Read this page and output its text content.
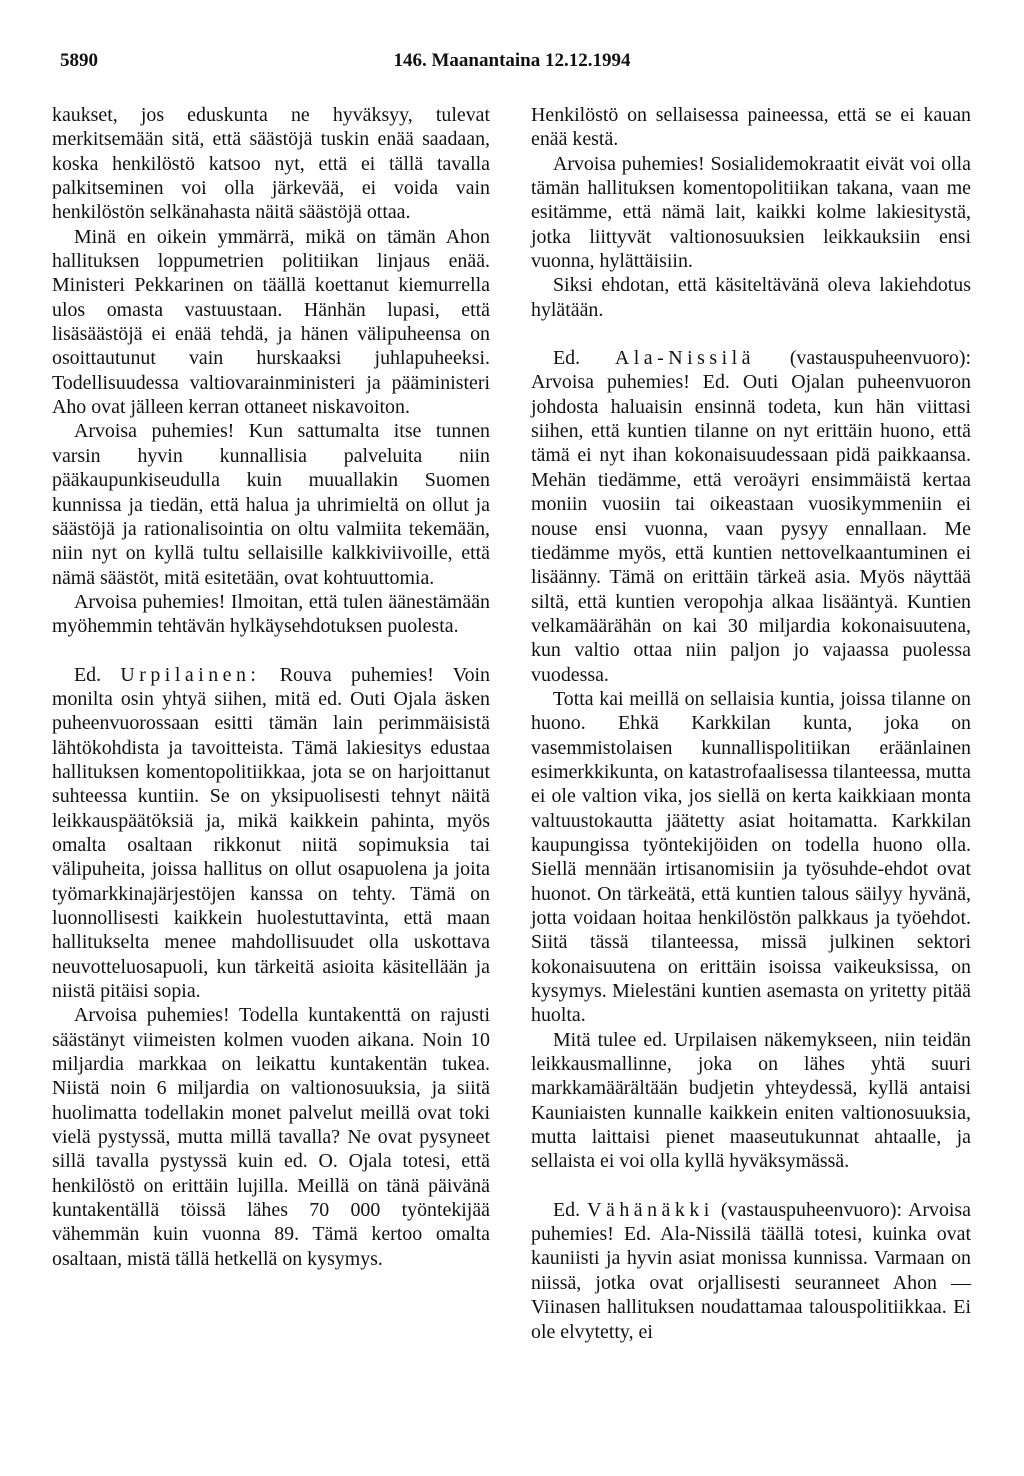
5890	146. Maanantaina 12.12.1994

kaukset, jos eduskunta ne hyväksyy, tulevat merkitsemään sitä, että säästöjä tuskin enää saadaan, koska henkilöstö katsoo nyt, että ei tällä tavalla palkitseminen voi olla järkevää, ei voida vain henkilöstön selkänahasta näitä säästöjä ottaa.

Minä en oikein ymmärrä, mikä on tämän Ahon hallituksen loppumetrien politiikan linjaus enää. Ministeri Pekkarinen on täällä koettanut kiemurrella ulos omasta vastuustaan. Hänhän lupasi, että lisäsäästöjä ei enää tehdä, ja hänen välipuheensa on osoittautunut vain hurskaaksi juhlapuheeksi. Todellisuudessa valtiovarainministeri ja pääministeri Aho ovat jälleen kerran ottaneet niskavoiton.

Arvoisa puhemies! Kun sattumalta itse tunnen varsin hyvin kunnallisia palveluita niin pääkaupunkiseudulla kuin muuallakin Suomen kunnissa ja tiedän, että halua ja uhrimieltä on ollut ja säästöjä ja rationalisointia on oltu valmiita tekemään, niin nyt on kyllä tultu sellaisille kalkkiviivoille, että nämä säästöt, mitä esitetään, ovat kohtuuttomia.

Arvoisa puhemies! Ilmoitan, että tulen äänestämään myöhemmin tehtävän hylkäysehdotuksen puolesta.

Ed. Urpilainen: Rouva puhemies! Voin monilta osin yhtyä siihen, mitä ed. Outi Ojala äsken puheenvuorossaan esitti tämän lain perimmäisistä lähtökohdista ja tavoitteista. Tämä lakiesitys edustaa hallituksen komentopolitiikkaa, jota se on harjoittanut suhteessa kuntiin. Se on yksipuolisesti tehnyt näitä leikkauspäätöksiä ja, mikä kaikkein pahinta, myös omalta osaltaan rikkonut niitä sopimuksia tai välipuheita, joissa hallitus on ollut osapuolena ja joita työmarkkinajärjestöjen kanssa on tehty. Tämä on luonnollisesti kaikkein huolestuttavinta, että maan hallitukselta menee mahdollisuudet olla uskottava neuvotteluosapuoli, kun tärkeitä asioita käsitellään ja niistä pitäisi sopia.

Arvoisa puhemies! Todella kuntakenttä on rajusti säästänyt viimeisten kolmen vuoden aikana. Noin 10 miljardia markkaa on leikattu kuntakentän tukea. Niistä noin 6 miljardia on valtionosuuksia, ja siitä huolimatta todellakin monet palvelut meillä ovat toki vielä pystyssä, mutta millä tavalla? Ne ovat pysyneet sillä tavalla pystyssä kuin ed. O. Ojala totesi, että henkilöstö on erittäin lujilla. Meillä on tänä päivänä kuntakentällä töissä lähes 70 000 työntekijää vähemmän kuin vuonna 89. Tämä kertoo omalta osaltaan, mistä tällä hetkellä on kysymys.

Henkilöstö on sellaisessa paineessa, että se ei kauan enää kestä.

Arvoisa puhemies! Sosialidemokraatit eivät voi olla tämän hallituksen komentopolitiikan takana, vaan me esitämme, että nämä lait, kaikki kolme lakiesitystä, jotka liittyvät valtionosuuksien leikkauksiin ensi vuonna, hylättäisiin.

Siksi ehdotan, että käsiteltävänä oleva lakiehdotus hylätään.

Ed. Ala-Nissilä (vastauspuheenvuoro): Arvoisa puhemies! Ed. Outi Ojalan puheenvuoron johdosta haluaisin ensinnä todeta, kun hän viittasi siihen, että kuntien tilanne on nyt erittäin huono, että tämä ei nyt ihan kokonaisuudessaan pidä paikkaansa. Mehän tiedämme, että veroäyri ensimmäistä kertaa moniin vuosiin tai oikeastaan vuosikymmeniin ei nouse ensi vuonna, vaan pysyy ennallaan. Me tiedämme myös, että kuntien nettovelkaantuminen ei lisäänny. Tämä on erittäin tärkeä asia. Myös näyttää siltä, että kuntien veropohja alkaa lisääntyä. Kuntien velkamäärähän on kai 30 miljardia kokonaisuutena, kun valtio ottaa niin paljon jo vajaassa puolessa vuodessa.

Totta kai meillä on sellaisia kuntia, joissa tilanne on huono. Ehkä Karkkilan kunta, joka on vasemmistolaisen kunnallispolitiikan eräänlainen esimerkkikunta, on katastrofaalisessa tilanteessa, mutta ei ole valtion vika, jos siellä on kerta kaikkiaan monta valtuustokautta jäätetty asiat hoitamatta. Karkkilan kaupungissa työntekijöiden on todella huono olla. Siellä mennään irtisanomisiin ja työsuhde-ehdot ovat huonot. On tärkeätä, että kuntien talous säilyy hyvänä, jotta voidaan hoitaa henkilöstön palkkaus ja työehdot. Siitä tässä tilanteessa, missä julkinen sektori kokonaisuutena on erittäin isoissa vaikeuksissa, on kysymys. Mielestäni kuntien asemasta on yritetty pitää huolta.

Mitä tulee ed. Urpilaisen näkemykseen, niin teidän leikkausmallinne, joka on lähes yhtä suuri markkamäärältään budjetin yhteydessä, kyllä antaisi Kauniaisten kunnalle kaikkein eniten valtionosuuksia, mutta laittaisi pienet maaseutukunnat ahtaalle, ja sellaista ei voi olla kyllä hyväksymässä.

Ed. Vähänäkki (vastauspuheenvuoro): Arvoisa puhemies! Ed. Ala-Nissilä täällä totesi, kuinka ovat kauniisti ja hyvin asiat monissa kunnissa. Varmaan on niissä, jotka ovat orjallisesti seuranneet Ahon — Viinasen hallituksen noudattamaa talouspolitiikkaa. Ei ole elvytetty, ei
